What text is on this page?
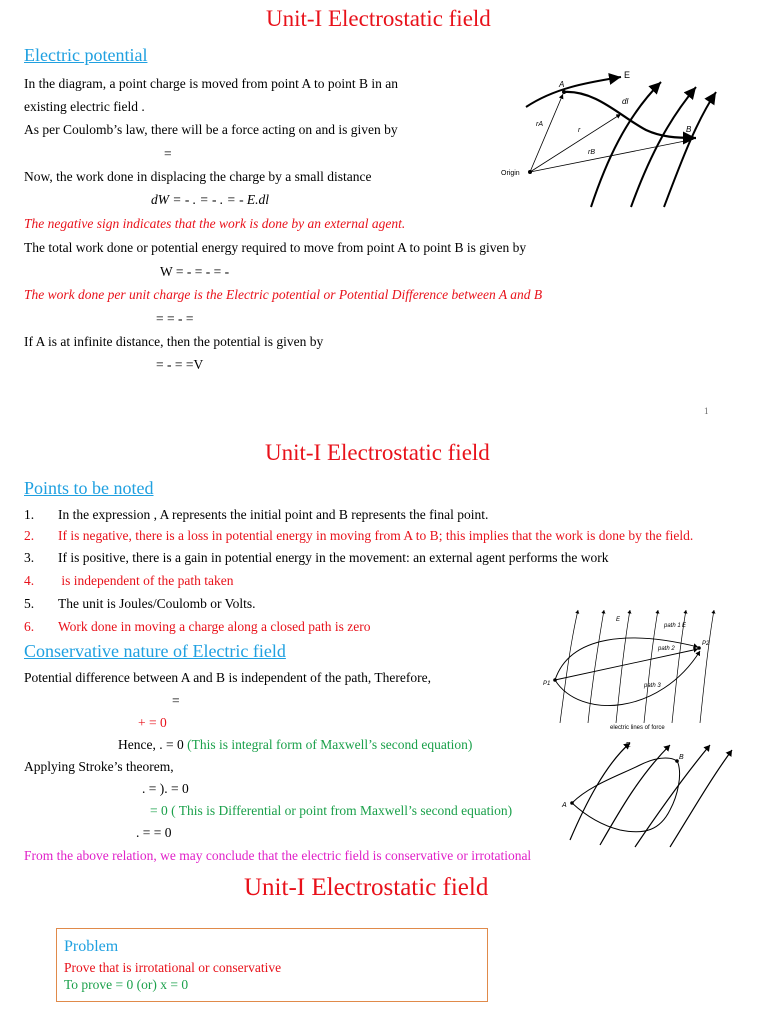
Unit-I Electrostatic field
Electric potential
In the diagram, a point charge is moved from point A to point B in an
existing electric field .
As per Coulomb’s law, there will be a force acting on and is given by
=
Now, the work done in displacing the charge by a small distance
dW = - . = - . = - E.dl
The negative sign indicates that the work is done by an external agent.
The total work done or potential energy required to move from point A to point B is given by
W = - = - = -
The work done per unit charge is the Electric potential or Potential Difference between A and B
= = - =
If A is at infinite distance, then the potential is given by
= - = =V
1
E
A
B
dl
rA
r
rB
Origin
Unit-I Electrostatic field
Points to be noted
1. In the expression , A represents the initial point and B represents the final point.
2. If is negative, there is a loss in potential energy in moving from A to B; this implies that the work is done by the field.
3. If is positive, there is a gain in potential energy in the movement: an external agent performs the work
4. is independent of the path taken
5. The unit is Joules/Coulomb or Volts.
6. Work done in moving a charge along a closed path is zero
Conservative nature of Electric field
Potential difference between A and B is independent of the path, Therefore,
=
+ = 0
Hence, . = 0 (This is integral form of Maxwell’s second equation)
Applying Stroke’s theorem,
. = ). = 0
= 0 ( This is Differential or point from Maxwell’s second equation)
. = = 0
From the above relation, we may conclude that the electric field is conservative or irrotational
E
E
path 1
path 2
path 3
P1
P2
electric lines of force
E
A
B
Unit-I Electrostatic field
Problem
Prove that is irrotational or conservative
To prove = 0 (or) x = 0
